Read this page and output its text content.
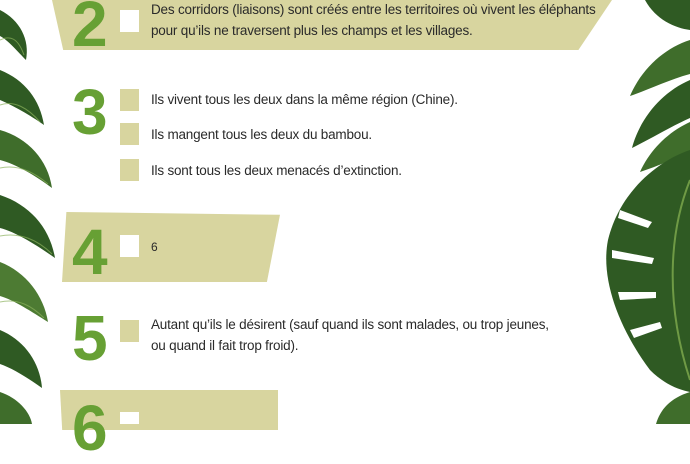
2	Des corridors (liaisons) sont créés entre les territoires où vivent les éléphants
pour qu’ils ne traversent plus les champs et les villages.
3	Ils vivent tous les deux dans la même région (Chine).
Ils mangent tous les deux du bambou.
Ils sont tous les deux menacés d’extinction.
4	6
5	Autant qu’ils le désirent (sauf quand ils sont malades, ou trop jeunes,
ou quand il fait trop froid).
6
